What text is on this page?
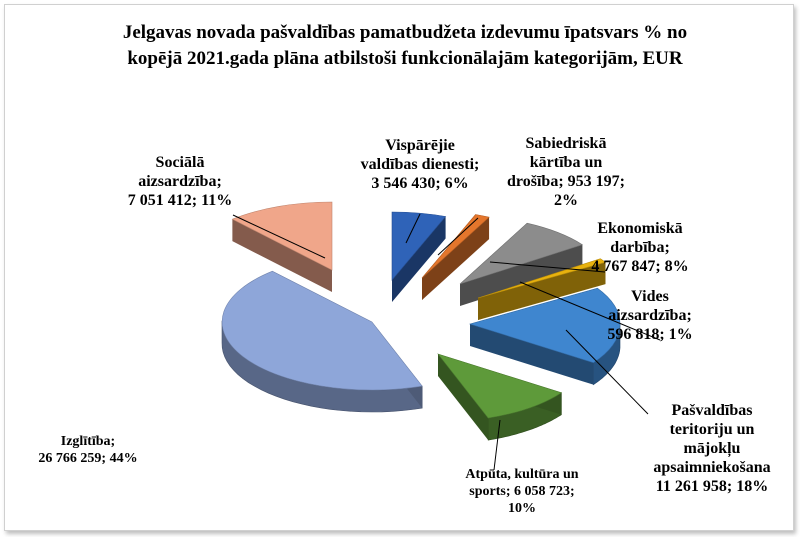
Jelgavas novada pašvaldības pamatbudžeta izdevumu īpatsvars % no
kopējā 2021.gada plāna atbilstoši funkcionālajām kategorijām, EUR
Vispārējie valdības dienesti; 3 546 430; 6%
Sabiedriskā kārtība un drošība; 953 197; 2%
Ekonomiskā darbība; 4 767 847; 8%
Vides aizsardzība; 596 818; 1%
Pašvaldības teritoriju un mājokļu apsaimniekošana 11 261 958; 18%
Atpūta, kultūra un sports; 6 058 723; 10%
Izglītība; 26 766 259; 44%
Sociālā aizsardzība; 7 051 412; 11%
